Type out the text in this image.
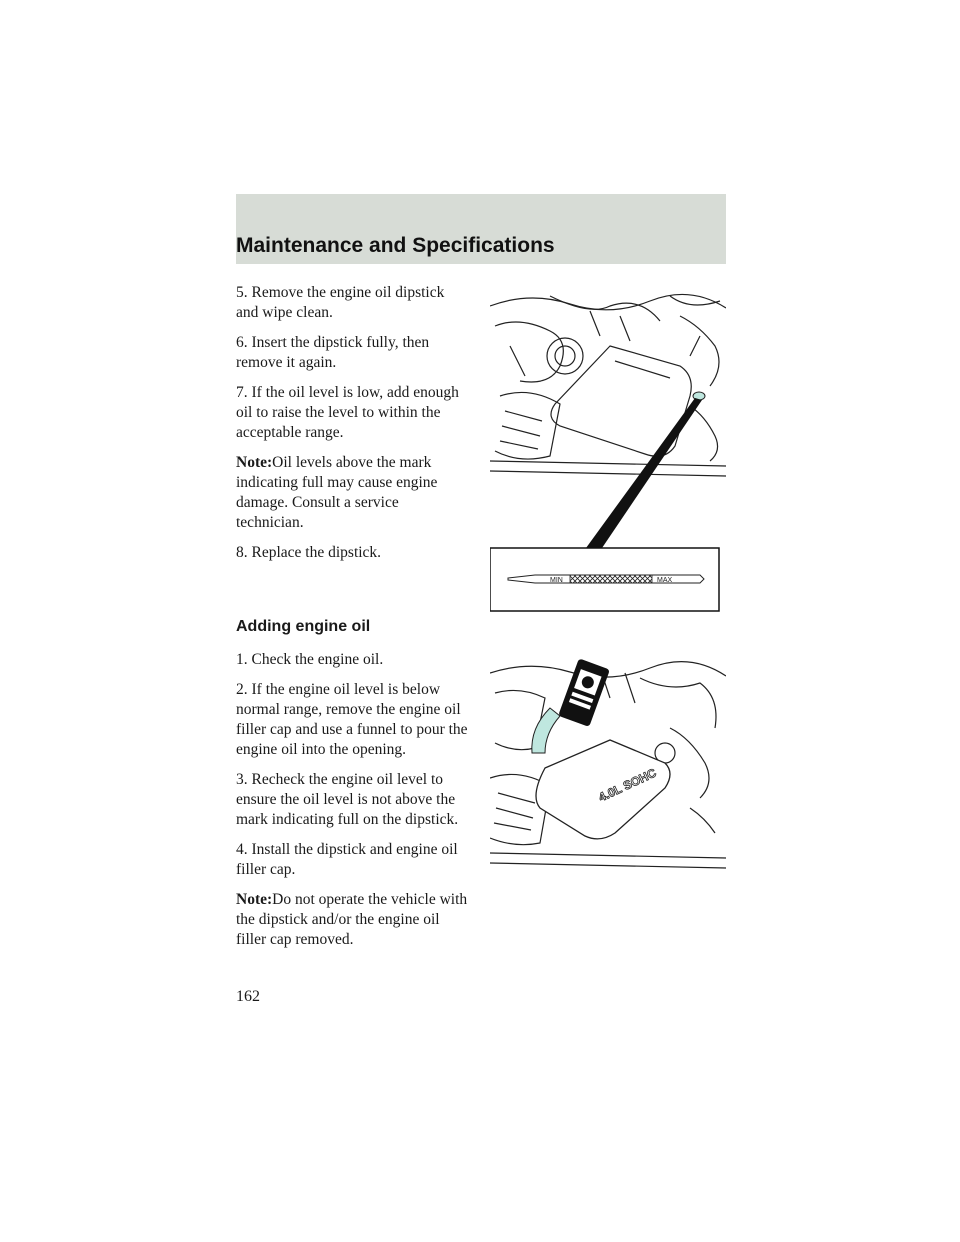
Maintenance and Specifications

5. Remove the engine oil dipstick and wipe clean.

6. Insert the dipstick fully, then remove it again.

7. If the oil level is low, add enough oil to raise the level to within the acceptable range.

Note:Oil levels above the mark indicating full may cause engine damage. Consult a service technician.

8. Replace the dipstick.

MIN	MAX
Adding engine oil

1. Check the engine oil.

2. If the engine oil level is below normal range, remove the engine oil filler cap and use a funnel to pour the engine oil into the opening.

3. Recheck the engine oil level to ensure the oil level is not above the mark indicating full on the dipstick.

4. Install the dipstick and engine oil filler cap.

Note:Do not operate the vehicle with the dipstick and/or the engine oil filler cap removed.

4.0L SOHC
162
